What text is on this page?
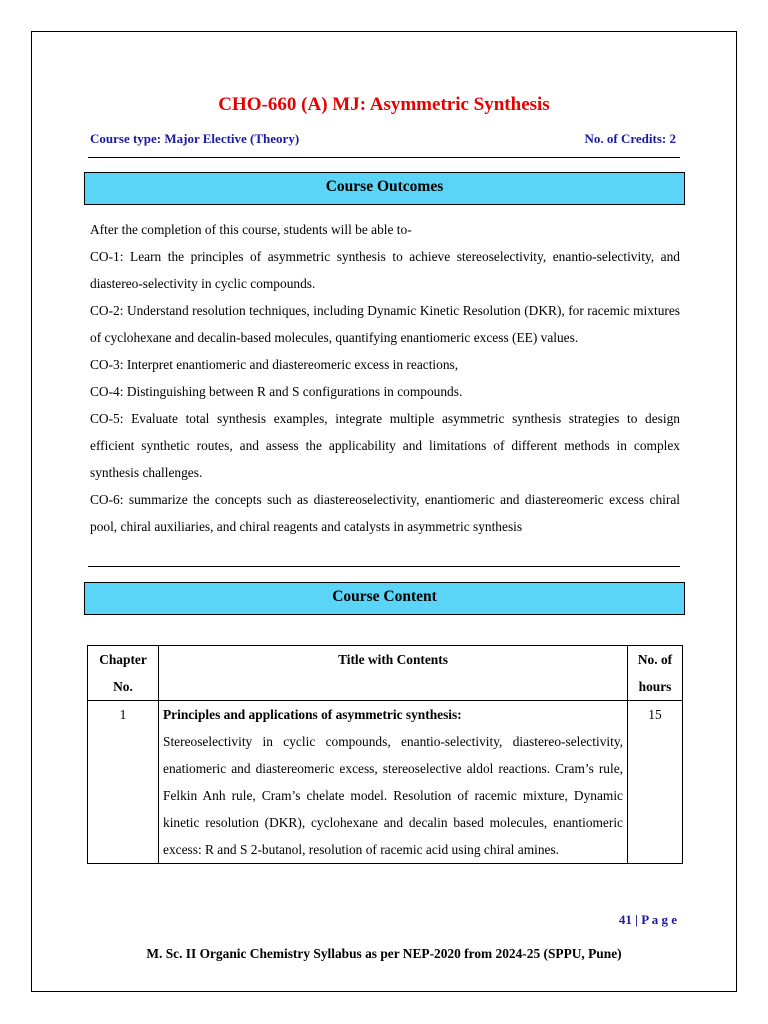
CHO-660 (A) MJ: Asymmetric Synthesis
Course type: Major Elective (Theory)	No. of Credits: 2
Course Outcomes

After the completion of this course, students will be able to-

CO-1: Learn the principles of asymmetric synthesis to achieve stereoselectivity, enantio-selectivity, and diastereo-selectivity in cyclic compounds.

CO-2: Understand resolution techniques, including Dynamic Kinetic Resolution (DKR), for racemic mixtures of cyclohexane and decalin-based molecules, quantifying enantiomeric excess (EE) values.

CO-3: Interpret enantiomeric and diastereomeric excess in reactions,

CO-4: Distinguishing between R and S configurations in compounds.

CO-5: Evaluate total synthesis examples, integrate multiple asymmetric synthesis strategies to design efficient synthetic routes, and assess the applicability and limitations of different methods in complex synthesis challenges.

CO-6: summarize the concepts such as diastereoselectivity, enantiomeric and diastereomeric excess chiral pool, chiral auxiliaries, and chiral reagents and catalysts in asymmetric synthesis

Course Content
Chapter No.	Title with Contents	No. of hours
1	Principles and applications of asymmetric synthesis:
Stereoselectivity in cyclic compounds, enantio-selectivity, diastereo-selectivity, enatiomeric and diastereomeric excess, stereoselective aldol reactions. Cram’s rule, Felkin Anh rule, Cram’s chelate model. Resolution of racemic mixture, Dynamic kinetic resolution (DKR), cyclohexane and decalin based molecules, enantiomeric excess: R and S 2-butanol, resolution of racemic acid using chiral amines.	15
41 | P a g e
M. Sc. II Organic Chemistry Syllabus as per NEP-2020 from 2024-25 (SPPU, Pune)
